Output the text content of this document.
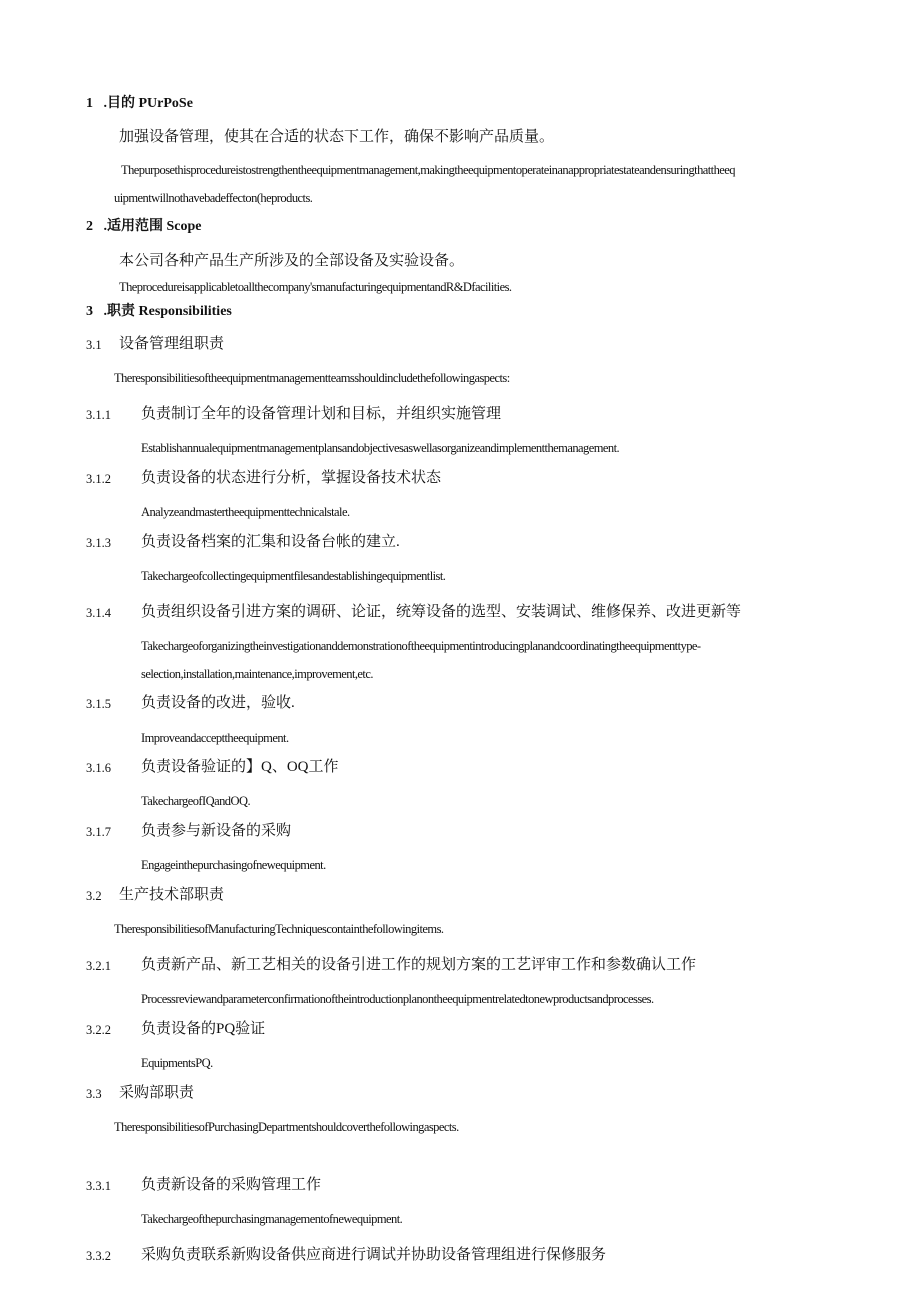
1 .目的 PUrPoSe
加强设备管理，使其在合适的状态下工作，确保不影响产品质量。
Thepurposethisprocedureistostrengthentheequipmentmanagement,makingtheequipmentoperateinanappropriatestateandensuringthattheeq
uipmentwillnothavebadeffecton(heproducts.
2 .适用范围 Scope
本公司各种产品生产所涉及的全部设备及实验设备。
Theprocedureisapplicabletoallthecompany'smanufacturingequipmentandR&Dfacilities.
3 .职责 Responsibilities
3.1 设备管理组职责
Theresponsibilitiesoftheequipmentmanagementteamsshouldincludethefollowingaspects:
3.1.1 负责制订全年的设备管理计划和目标，并组织实施管理
Establishannualequipmentmanagementplansandobjectivesaswellasorganizeandimplementthemanagement.
3.1.2 负责设备的状态进行分析，掌握设备技术状态
Analyzeandmastertheequipmenttechnicalstale.
3.1.3 负责设备档案的汇集和设备台帐的建立.
Takechargeofcollectingequipmentfilesandestablishingequipmentlist.
3.1.4 负责组织设备引进方案的调研、论证，统筹设备的选型、安装调试、维修保养、改进更新等
Takechargeoforganizingtheinvestigationanddemonstrationoftheequipmentintroducingplanandcoordinatingtheequipmenttype-
selection,installation,maintenance,improvement,etc.
3.1.5 负责设备的改进，验收.
Improveandaccepttheequipment.
3.1.6 负责设备验证的】Q、OQ工作
TakechargeofIQandOQ.
3.1.7 负责参与新设备的采购
Engageinthepurchasingofnewequipment.
3.2 生产技术部职责
TheresponsibilitiesofManufacturingTechniquescontainthefollowingitems.
3.2.1 负责新产品、新工艺相关的设备引进工作的规划方案的工艺评审工作和参数确认工作
Processreviewandparameterconfirmationoftheintroductionplanontheequipmentrelatedtonewproductsandprocesses.
3.2.2 负责设备的PQ验证
EquipmentsPQ.
3.3 采购部职责
TheresponsibilitiesofPurchasingDepartmentshouldcoverthefollowingaspects.
3.3.1 负责新设备的采购管理工作
Takechargeofthepurchasingmanagementofnewequipment.
3.3.2 采购负责联系新购设备供应商进行调试并协助设备管理组进行保修服务
